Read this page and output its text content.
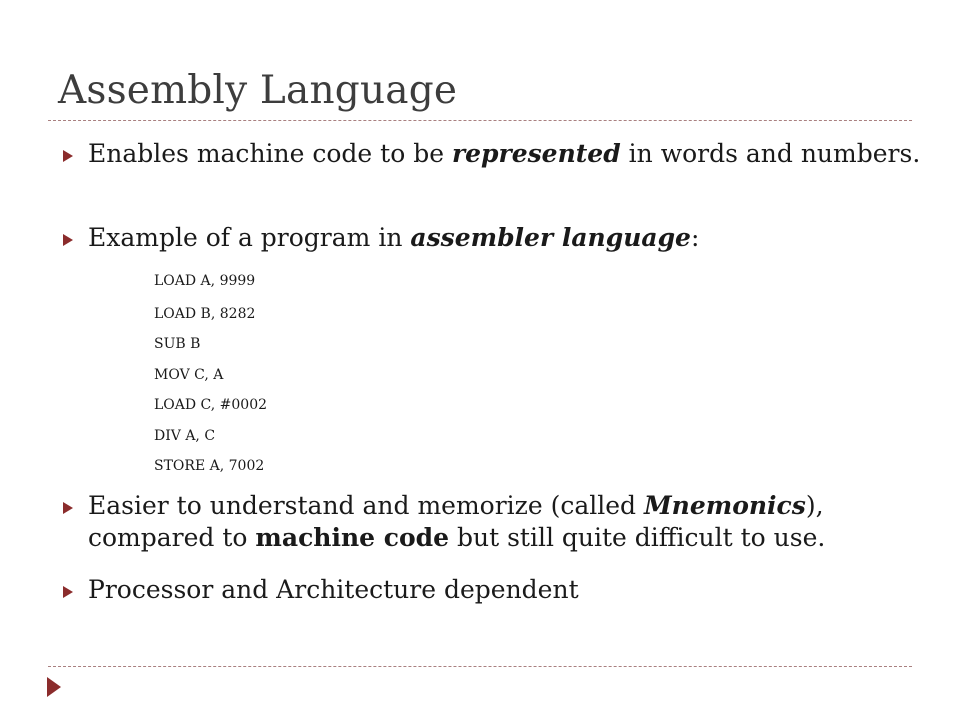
Assembly Language
Enables machine code to be represented in words and numbers.
Example of a program in assembler language:
LOAD A, 9999
LOAD B, 8282
SUB B
MOV C, A
LOAD C, #0002
DIV A, C
STORE A, 7002
Easier to understand and memorize (called Mnemonics), compared to machine code but still quite difficult to use.
Processor and Architecture dependent
